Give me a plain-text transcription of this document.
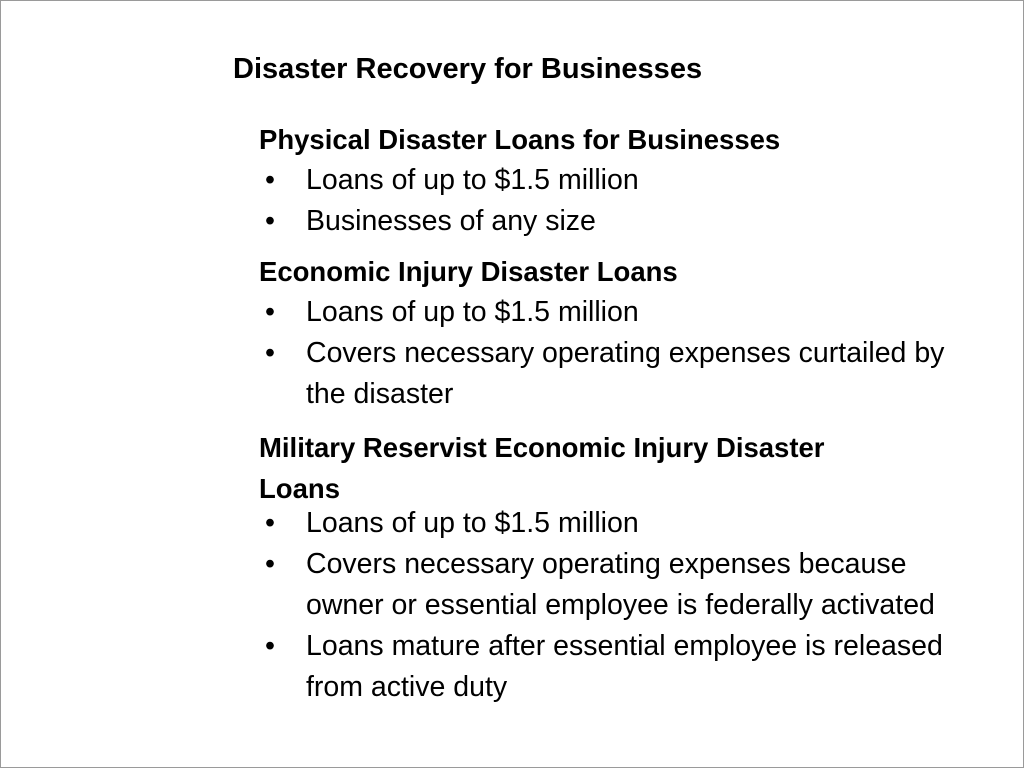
Disaster Recovery for Businesses
Physical Disaster Loans for Businesses
• Loans of up to $1.5 million
• Businesses of any size
Economic Injury Disaster Loans
• Loans of up to $1.5 million
• Covers necessary operating expenses curtailed by the disaster
Military Reservist Economic Injury Disaster Loans
• Loans of up to $1.5 million
• Covers necessary operating expenses because owner or essential employee is federally activated
• Loans mature after essential employee is released from active duty
